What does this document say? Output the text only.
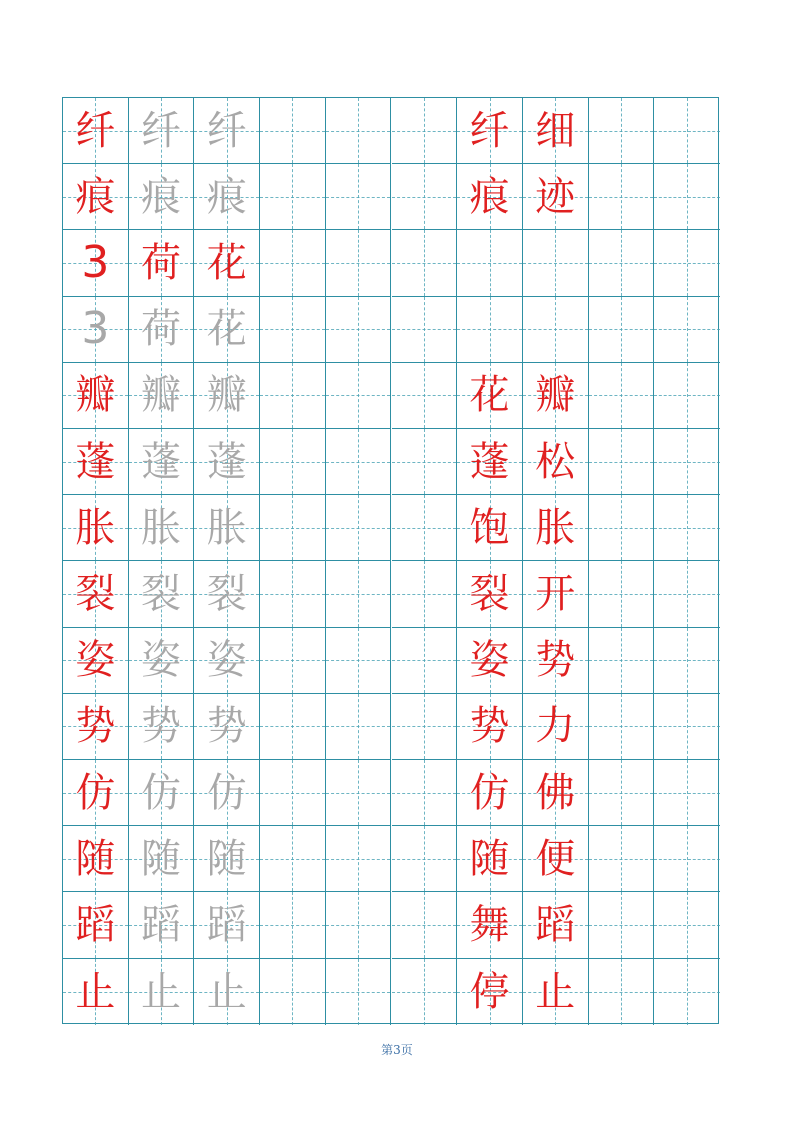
纤 纤 纤	纤 细
痕 痕 痕	痕 迹
3 荷 花
3 荷 花
瓣 瓣 瓣	花 瓣
蓬 蓬 蓬	蓬 松
胀 胀 胀	饱 胀
裂 裂 裂	裂 开
姿 姿 姿	姿 势
势 势 势	势 力
仿 仿 仿	仿 佛
随 随 随	随 便
蹈 蹈 蹈	舞 蹈
止 止 止	停 止
第3页
